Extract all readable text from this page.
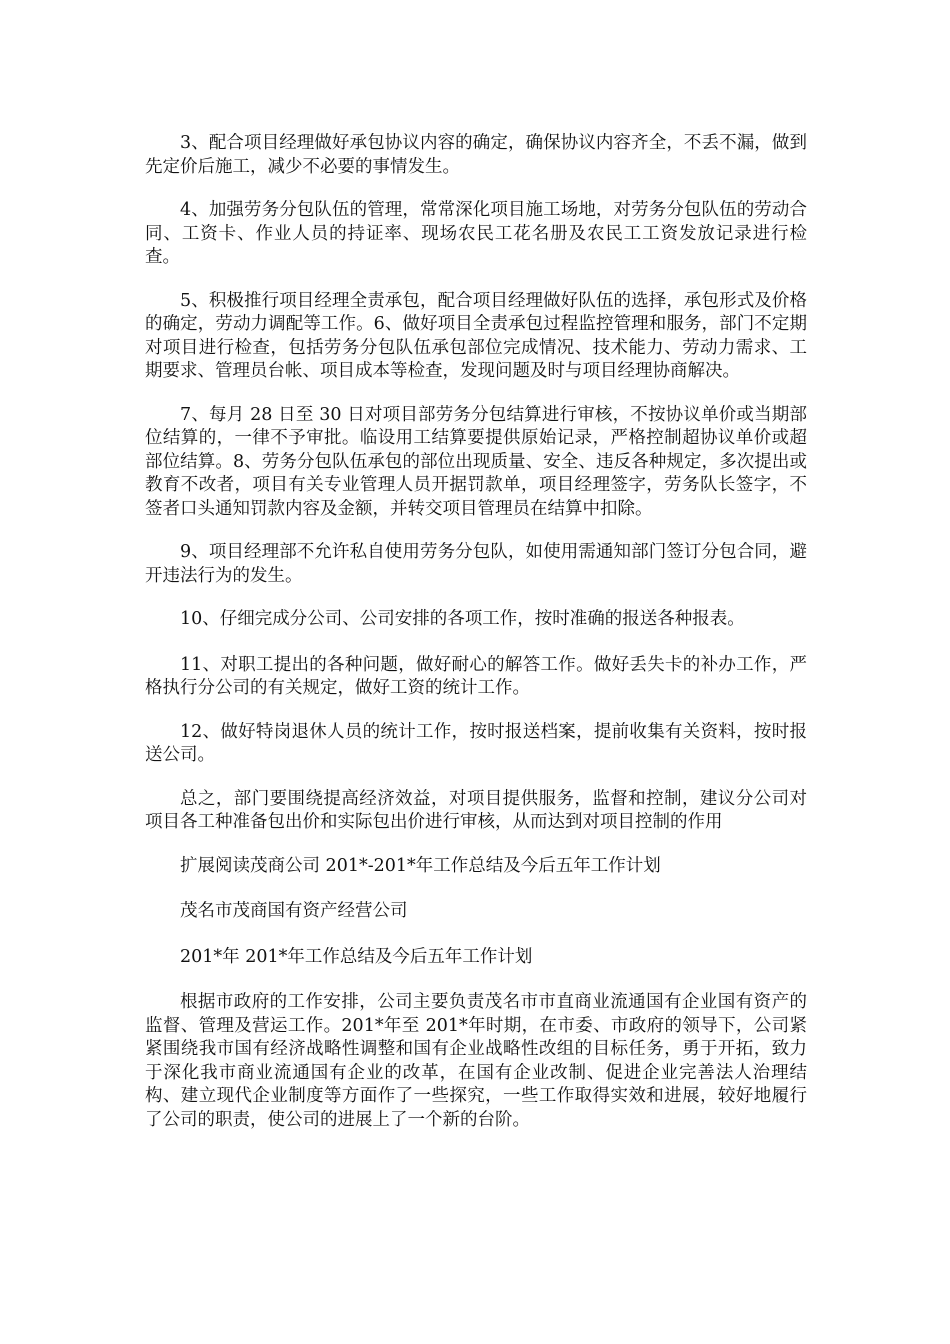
3、配合项目经理做好承包协议内容的确定，确保协议内容齐全，不丢不漏，做到先定价后施工，减少不必要的事情发生。

4、加强劳务分包队伍的管理，常常深化项目施工场地，对劳务分包队伍的劳动合同、工资卡、作业人员的持证率、现场农民工花名册及农民工工资发放记录进行检查。

5、积极推行项目经理全责承包，配合项目经理做好队伍的选择，承包形式及价格的确定，劳动力调配等工作。6、做好项目全责承包过程监控管理和服务，部门不定期对项目进行检查，包括劳务分包队伍承包部位完成情况、技术能力、劳动力需求、工期要求、管理员台帐、项目成本等检查，发现问题及时与项目经理协商解决。

7、每月 28 日至 30 日对项目部劳务分包结算进行审核，不按协议单价或当期部位结算的，一律不予审批。临设用工结算要提供原始记录，严格控制超协议单价或超部位结算。8、劳务分包队伍承包的部位出现质量、安全、违反各种规定，多次提出或教育不改者，项目有关专业管理人员开据罚款单，项目经理签字，劳务队长签字，不签者口头通知罚款内容及金额，并转交项目管理员在结算中扣除。

9、项目经理部不允许私自使用劳务分包队，如使用需通知部门签订分包合同，避开违法行为的发生。

10、仔细完成分公司、公司安排的各项工作，按时准确的报送各种报表。

11、对职工提出的各种问题，做好耐心的解答工作。做好丢失卡的补办工作，严格执行分公司的有关规定，做好工资的统计工作。

12、做好特岗退休人员的统计工作，按时报送档案，提前收集有关资料，按时报送公司。

总之，部门要围绕提高经济效益，对项目提供服务，监督和控制，建议分公司对项目各工种准备包出价和实际包出价进行审核，从而达到对项目控制的作用

扩展阅读茂商公司 201*-201*年工作总结及今后五年工作计划

茂名市茂商国有资产经营公司

201*年 201*年工作总结及今后五年工作计划

根据市政府的工作安排，公司主要负责茂名市市直商业流通国有企业国有资产的监督、管理及营运工作。201*年至 201*年时期，在市委、市政府的领导下，公司紧紧围绕我市国有经济战略性调整和国有企业战略性改组的目标任务，勇于开拓，致力于深化我市商业流通国有企业的改革，在国有企业改制、促进企业完善法人治理结构、建立现代企业制度等方面作了一些探究，一些工作取得实效和进展，较好地履行了公司的职责，使公司的进展上了一个新的台阶。
